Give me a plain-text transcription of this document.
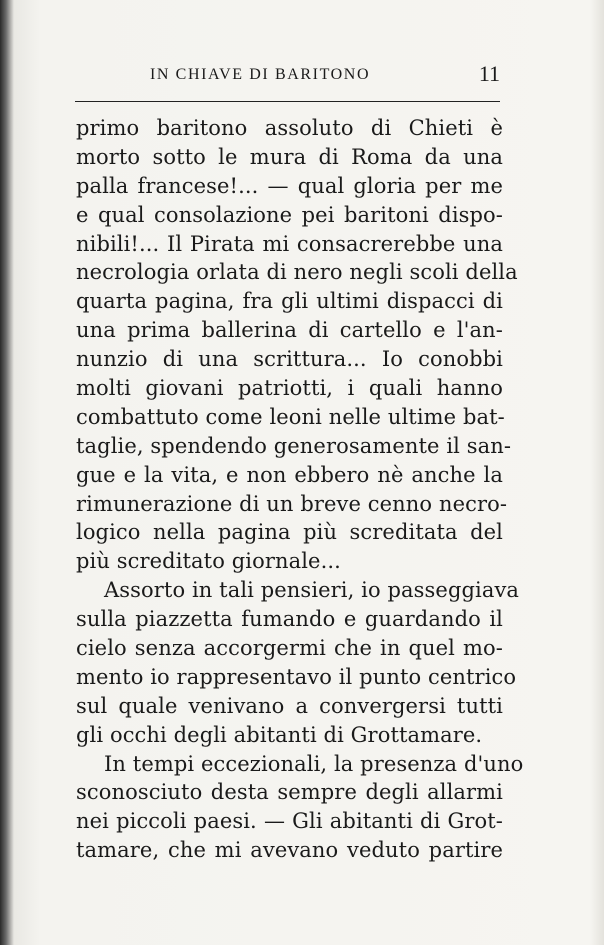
IN CHIAVE DI BARITONO	11
primo baritono assoluto di Chieti è
morto sotto le mura di Roma da una
palla francese!... — qual gloria per me
e qual consolazione pei baritoni dispo-
nibili!... Il Pirata mi consacrerebbe una
necrologia orlata di nero negli scoli della
quarta pagina, fra gli ultimi dispacci di
una prima ballerina di cartello e l'an-
nunzio di una scrittura... Io conobbi
molti giovani patriotti, i quali hanno
combattuto come leoni nelle ultime bat-
taglie, spendendo generosamente il san-
gue e la vita, e non ebbero nè anche la
rimunerazione di un breve cenno necro-
logico nella pagina più screditata del
più screditato giornale...
Assorto in tali pensieri, io passeggiava
sulla piazzetta fumando e guardando il
cielo senza accorgermi che in quel mo-
mento io rappresentavo il punto centrico
sul quale venivano a convergersi tutti
gli occhi degli abitanti di Grottamare.
In tempi eccezionali, la presenza d'uno
sconosciuto desta sempre degli allarmi
nei piccoli paesi. — Gli abitanti di Grot-
tamare, che mi avevano veduto partire
